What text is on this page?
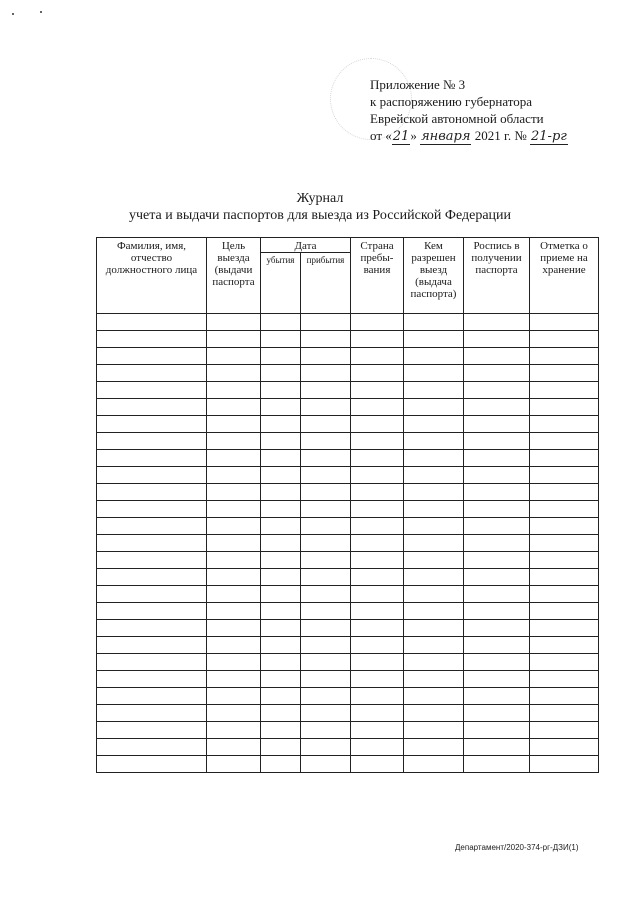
Приложение № 3
к распоряжению губернатора
Еврейской автономной области
от «21» января 2021 г. № 21-рг
Журнал
учета и выдачи паспортов для выезда из Российской Федерации
Фамилия, имя, отчество должностного лица	Цель выезда (выдачи паспорта	Дата		Страна пребы-вания	Кем разрешен выезд (выдача паспорта)	Роспись в получении паспорта	Отметка о приеме на хранение
		убытия	прибытия				

Департамент/2020-374-рг-ДЗИ(1)
